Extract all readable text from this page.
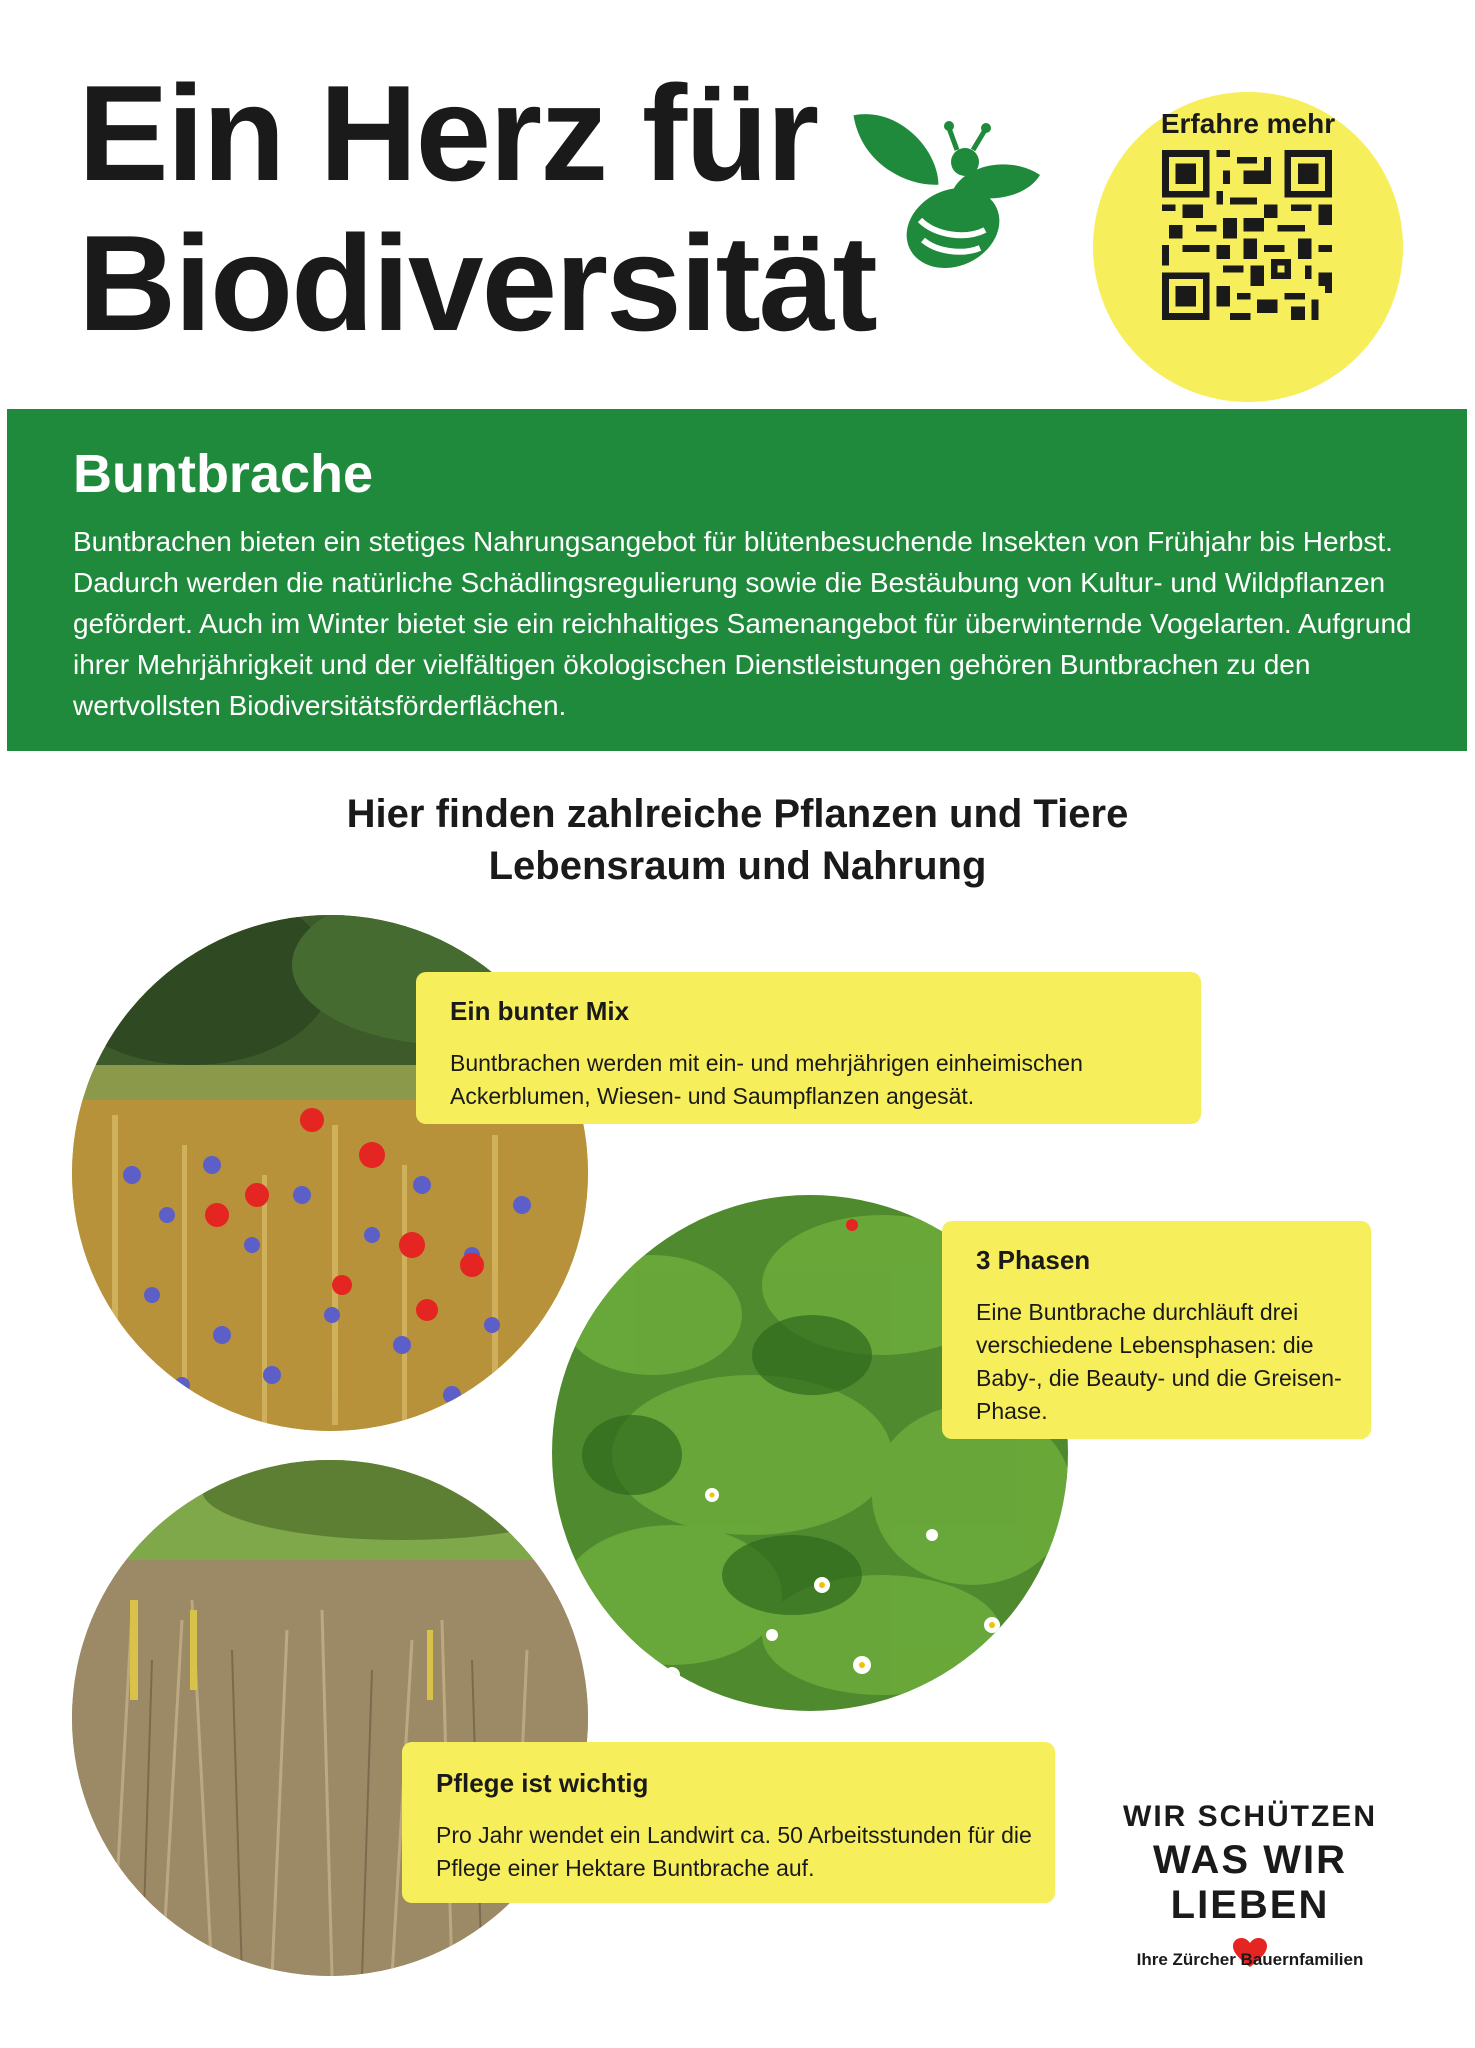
Ein Herz für
Biodiversität
Erfahre mehr
Buntbrache
Buntbrachen bieten ein stetiges Nahrungsangebot für blütenbesuchende Insekten von Frühjahr bis Herbst. Dadurch werden die natürliche Schädlingsregulierung sowie die Bestäubung von Kultur- und Wildpflanzen gefördert. Auch im Winter bietet sie ein reichhaltiges Samenangebot für überwinternde Vogelarten. Aufgrund ihrer Mehrjährigkeit und der vielfältigen ökologischen Dienstleistungen gehören Buntbrachen zu den wertvollsten Biodiversitätsförderflächen.
Hier finden zahlreiche Pflanzen und Tiere
Lebensraum und Nahrung
Ein bunter Mix
Buntbrachen werden mit ein- und mehrjährigen einheimischen Ackerblumen, Wiesen- und Saumpflanzen angesät.
3 Phasen
Eine Buntbrache durchläuft drei verschiedene Lebensphasen: die Baby-, die Beauty- und die Greisen-Phase.
Pflege ist wichtig
Pro Jahr wendet ein Landwirt ca. 50 Arbeitsstunden für die Pflege einer Hektare Buntbrache auf.
WIR SCHÜTZEN
WAS WIR LIEBEN
Ihre Zürcher Bauernfamilien
